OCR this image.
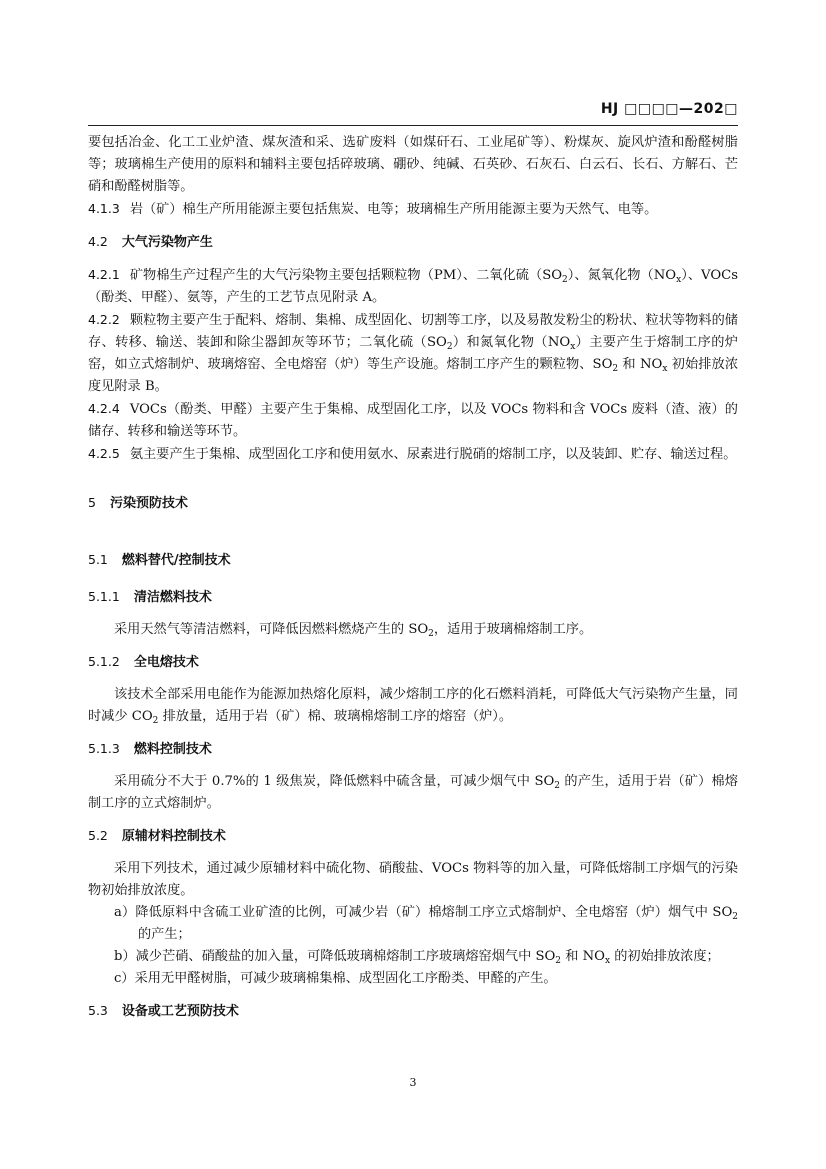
HJ □□□□—202□

要包括冶金、化工工业炉渣、煤灰渣和采、选矿废料（如煤矸石、工业尾矿等）、粉煤灰、旋风炉渣和酚醛树脂等；玻璃棉生产使用的原料和辅料主要包括碎玻璃、硼砂、纯碱、石英砂、石灰石、白云石、长石、方解石、芒硝和酚醛树脂等。

4.1.3 岩（矿）棉生产所用能源主要包括焦炭、电等；玻璃棉生产所用能源主要为天然气、电等。

4.2 大气污染物产生

4.2.1 矿物棉生产过程产生的大气污染物主要包括颗粒物（PM）、二氧化硫$(SO_2)$、氮氧化物$(NO_x)$、VOCs（酚类、甲醛）、氨等，产生的工艺节点见附录 A。

4.2.2 颗粒物主要产生于配料、熔制、集棉、成型固化、切割等工序，以及易散发粉尘的粉状、粒状等物料的储存、转移、输送、装卸和除尘器卸灰等环节；二氧化硫$(SO_2)$和氮氧化物$(NO_x)$主要产生于熔制工序的炉窑，如立式熔制炉、玻璃熔窑、全电熔窑（炉）等生产设施。熔制工序产生的颗粒物、$SO_2$ 和 $NO_x$ 初始排放浓度见附录 B。

4.2.4 VOCs（酚类、甲醛）主要产生于集棉、成型固化工序，以及 VOCs 物料和含 VOCs 废料（渣、液）的储存、转移和输送等环节。

4.2.5 氨主要产生于集棉、成型固化工序和使用氨水、尿素进行脱硝的熔制工序，以及装卸、贮存、输送过程。

5 污染预防技术
5.1 燃料替代/控制技术
5.1.1 清洁燃料技术

采用天然气等清洁燃料，可降低因燃料燃烧产生的 $SO_2$，适用于玻璃棉熔制工序。

5.1.2 全电熔技术

该技术全部采用电能作为能源加热熔化原料，减少熔制工序的化石燃料消耗，可降低大气污染物产生量，同时减少 $CO_2$ 排放量，适用于岩（矿）棉、玻璃棉熔制工序的熔窑（炉）。

5.1.3 燃料控制技术

采用硫分不大于 0.7%的 1 级焦炭，降低燃料中硫含量，可减少烟气中 $SO_2$ 的产生，适用于岩（矿）棉熔制工序的立式熔制炉。

5.2 原辅材料控制技术

采用下列技术，通过减少原辅材料中硫化物、硝酸盐、VOCs 物料等的加入量，可降低熔制工序烟气的污染物初始排放浓度。

a）降低原料中含硫工业矿渣的比例，可减少岩（矿）棉熔制工序立式熔制炉、全电熔窑（炉）烟气中 $SO_2$ 的产生；

b）减少芒硝、硝酸盐的加入量，可降低玻璃棉熔制工序玻璃熔窑烟气中 $SO_2$ 和 $NO_x$ 的初始排放浓度；

c）采用无甲醛树脂，可减少玻璃棉集棉、成型固化工序酚类、甲醛的产生。

5.3 设备或工艺预防技术
3
